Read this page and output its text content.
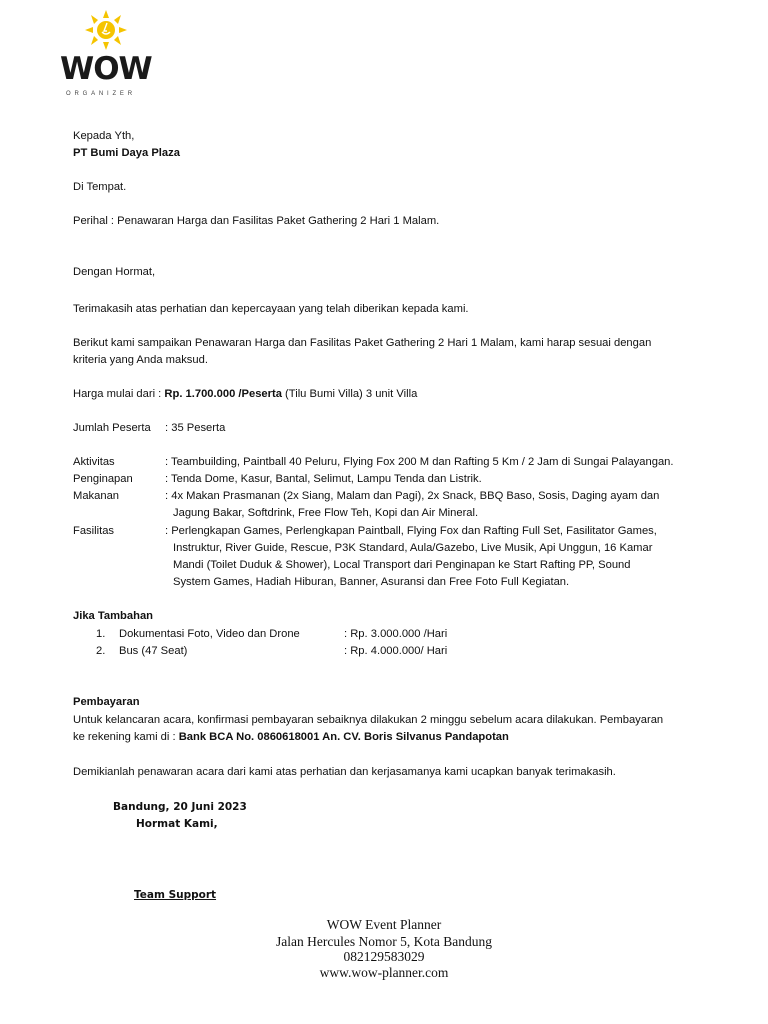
WOW
ORGANIZER
Kepada Yth,
PT Bumi Daya Plaza
Di Tempat.
Perihal : Penawaran Harga dan Fasilitas Paket Gathering 2 Hari 1 Malam.
Dengan Hormat,
Terimakasih atas perhatian dan kepercayaan yang telah diberikan kepada kami.
Berikut kami sampaikan Penawaran Harga dan Fasilitas Paket Gathering 2 Hari 1 Malam, kami harap sesuai dengan
kriteria yang Anda maksud.
Harga mulai dari : Rp. 1.700.000 /Peserta (Tilu Bumi Villa) 3 unit Villa
Jumlah Peserta : 35 Peserta
Aktivitas	: Teambuilding, Paintball 40 Peluru, Flying Fox 200 M dan Rafting 5 Km / 2 Jam di Sungai Palayangan.
Penginapan	: Tenda Dome, Kasur, Bantal, Selimut, Lampu Tenda dan Listrik.
Makanan	: 4x Makan Prasmanan (2x Siang, Malam dan Pagi), 2x Snack, BBQ Baso, Sosis, Daging ayam dan
Jagung Bakar, Softdrink, Free Flow Teh, Kopi dan Air Mineral.
Fasilitas	: Perlengkapan Games, Perlengkapan Paintball, Flying Fox dan Rafting Full Set, Fasilitator Games,
Instruktur, River Guide, Rescue, P3K Standard, Aula/Gazebo, Live Musik, Api Unggun, 16 Kamar
Mandi (Toilet Duduk & Shower), Local Transport dari Penginapan ke Start Rafting PP, Sound
System Games, Hadiah Hiburan, Banner, Asuransi dan Free Foto Full Kegiatan.
Jika Tambahan
1. Dokumentasi Foto, Video dan Drone	: Rp. 3.000.000 /Hari
2. Bus (47 Seat)	: Rp. 4.000.000/ Hari
Pembayaran
Untuk kelancaran acara, konfirmasi pembayaran sebaiknya dilakukan 2 minggu sebelum acara dilakukan. Pembayaran
ke rekening kami di : Bank BCA No. 0860618001 An. CV. Boris Silvanus Pandapotan
Demikianlah penawaran acara dari kami atas perhatian dan kerjasamanya kami ucapkan banyak terimakasih.
Bandung, 20 Juni 2023
Hormat Kami,
Team Support
WOW Event Planner
Jalan Hercules Nomor 5, Kota Bandung
082129583029
www.wow-planner.com
